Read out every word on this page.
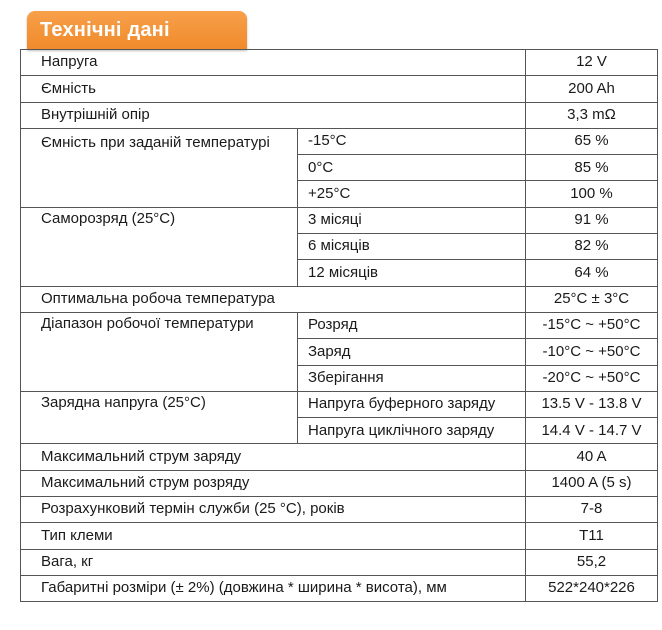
Технічні дані
Напруга		12 V
Ємність		200 Ah
Внутрішній опір		3,3 mΩ
Ємність при заданій температурі	-15°C	65 %
	0°C	85 %
	+25°C	100 %
Саморозряд (25°C)	3 місяці	91 %
	6 місяців	82 %
	12 місяців	64 %
Оптимальна робоча температура		25°C ± 3°C
Діапазон робочої температури	Розряд	-15°C ~ +50°C
	Заряд	-10°C ~ +50°C
	Зберігання	-20°C ~ +50°C
Зарядна напруга (25°C)	Напруга буферного заряду	13.5 V - 13.8 V
	Напруга циклічного заряду	14.4 V - 14.7 V
Максимальний струм заряду		40 A
Максимальний струм розряду		1400 A (5 s)
Розрахунковий термін служби (25 °C), років		7-8
Тип клеми		T11
Вага, кг		55,2
Габаритні розміри (± 2%) (довжина * ширина * висота), мм		522*240*226
